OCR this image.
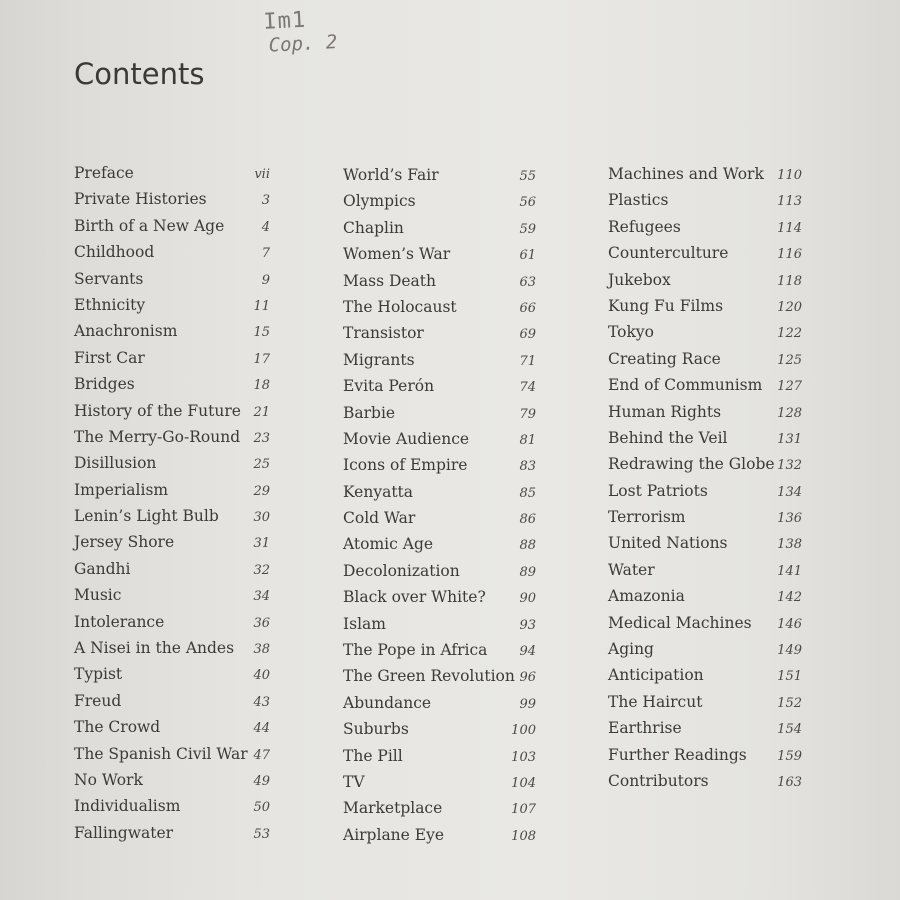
Im1
Cop. 2
Contents
Preface	vii
Private Histories	3
Birth of a New Age	4
Childhood	7
Servants	9
Ethnicity	11
Anachronism	15
First Car	17
Bridges	18
History of the Future 21
The Merry-Go-Round 23
Disillusion	25
Imperialism	29
Lenin’s Light Bulb	30
Jersey Shore	31
Gandhi	32
Music	34
Intolerance	36
A Nisei in the Andes 38
Typist	40
Freud	43
The Crowd	44
The Spanish Civil War 47
No Work	49
Individualism	50
Fallingwater	53
World’s Fair	55
Olympics	56
Chaplin	59
Women’s War	61
Mass Death	63
The Holocaust	66
Transistor	69
Migrants	71
Evita Perón	74
Barbie	79
Movie Audience	81
Icons of Empire	83
Kenyatta	85
Cold War	86
Atomic Age	88
Decolonization	89
Black over White?	90
Islam	93
The Pope in Africa 94
The Green Revolution 96
Abundance	99
Suburbs	100
The Pill	103
TV	104
Marketplace	107
Airplane Eye	108
Machines and Work 110
Plastics	113
Refugees	114
Counterculture	116
Jukebox	118
Kung Fu Films	120
Tokyo	122
Creating Race	125
End of Communism 127
Human Rights	128
Behind the Veil	131
Redrawing the Globe 132
Lost Patriots	134
Terrorism	136
United Nations	138
Water	141
Amazonia	142
Medical Machines 146
Aging	149
Anticipation	151
The Haircut	152
Earthrise	154
Further Readings 159
Contributors	163
